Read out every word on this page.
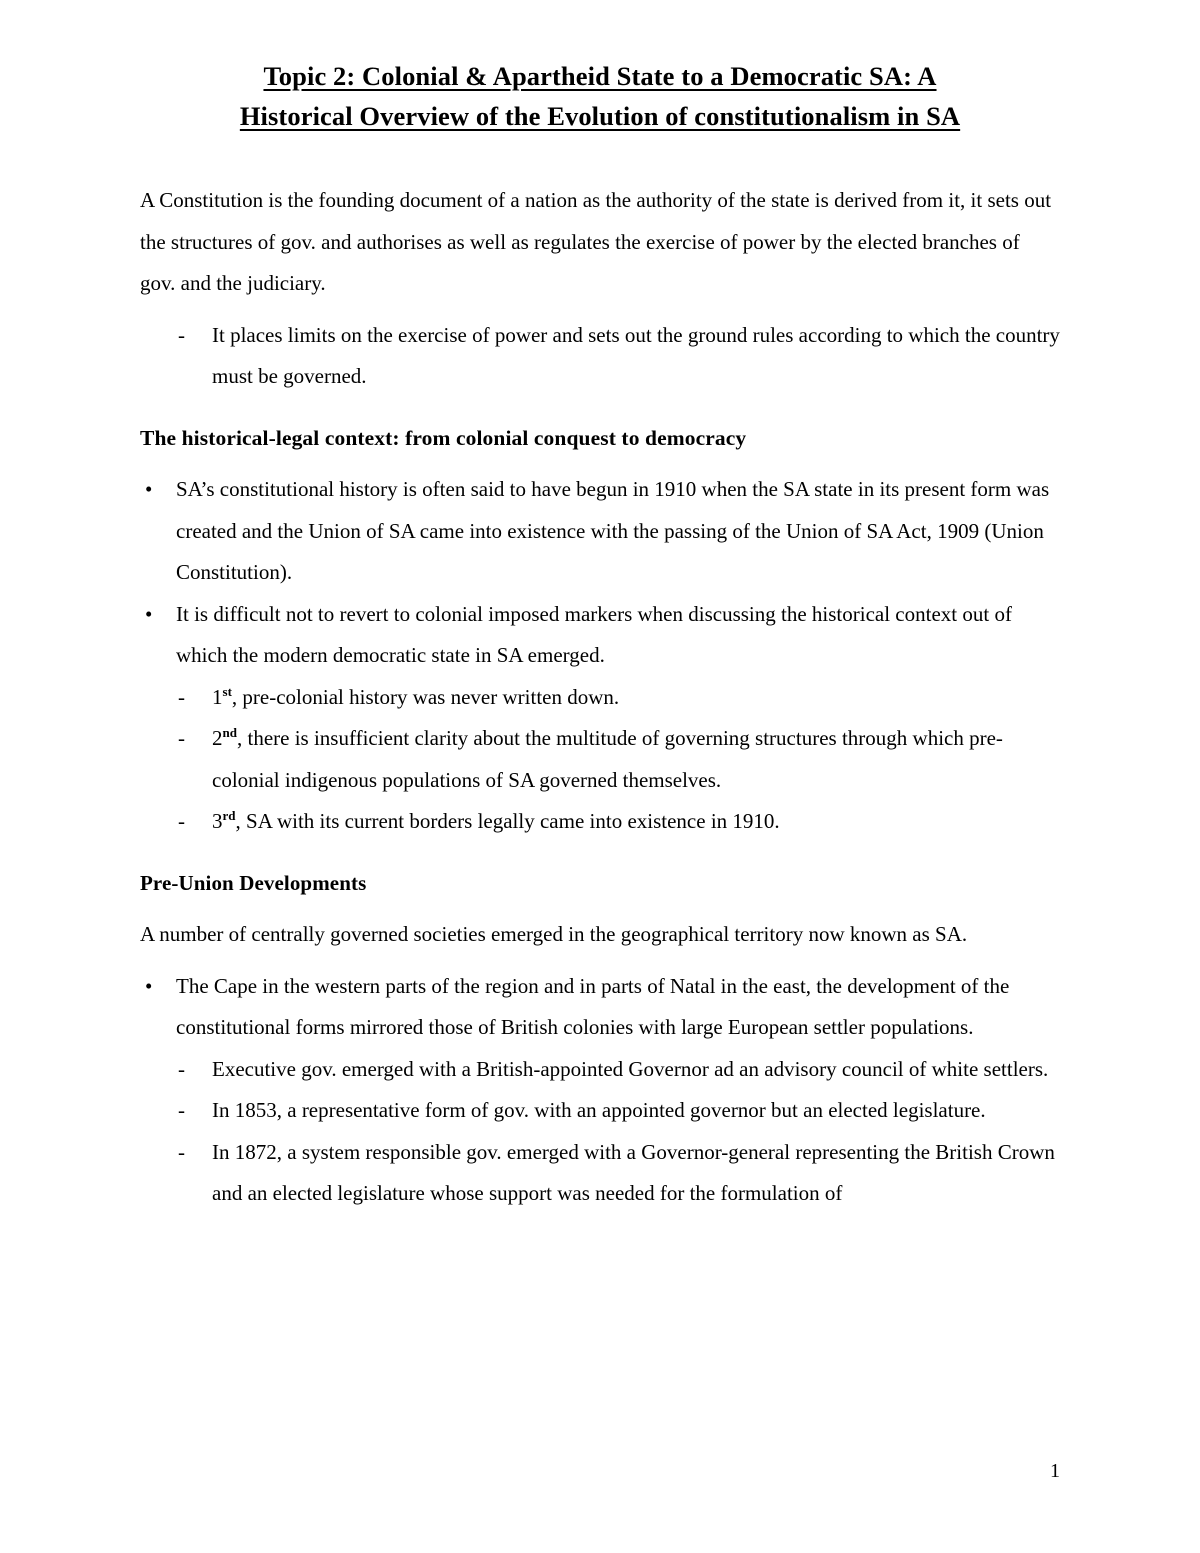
Topic 2: Colonial & Apartheid State to a Democratic SA: A
Historical Overview of the Evolution of constitutionalism in SA

A Constitution is the founding document of a nation as the authority of the state is derived from it, it sets out the structures of gov. and authorises as well as regulates the exercise of power by the elected branches of gov. and the judiciary.

- It places limits on the exercise of power and sets out the ground rules according to which the country must be governed.
The historical-legal context: from colonial conquest to democracy
• SA’s constitutional history is often said to have begun in 1910 when the SA state in its present form was created and the Union of SA came into existence with the passing of the Union of SA Act, 1909 (Union Constitution).
• It is difficult not to revert to colonial imposed markers when discussing the historical context out of which the modern democratic state in SA emerged.
- 1st, pre-colonial history was never written down.
- 2nd, there is insufficient clarity about the multitude of governing structures through which pre-colonial indigenous populations of SA governed themselves.
- 3rd, SA with its current borders legally came into existence in 1910.
Pre-Union Developments

A number of centrally governed societies emerged in the geographical territory now known as SA.

• The Cape in the western parts of the region and in parts of Natal in the east, the development of the constitutional forms mirrored those of British colonies with large European settler populations.
- Executive gov. emerged with a British-appointed Governor ad an advisory council of white settlers.
- In 1853, a representative form of gov. with an appointed governor but an elected legislature.
- In 1872, a system responsible gov. emerged with a Governor-general representing the British Crown and an elected legislature whose support was needed for the formulation of
1
